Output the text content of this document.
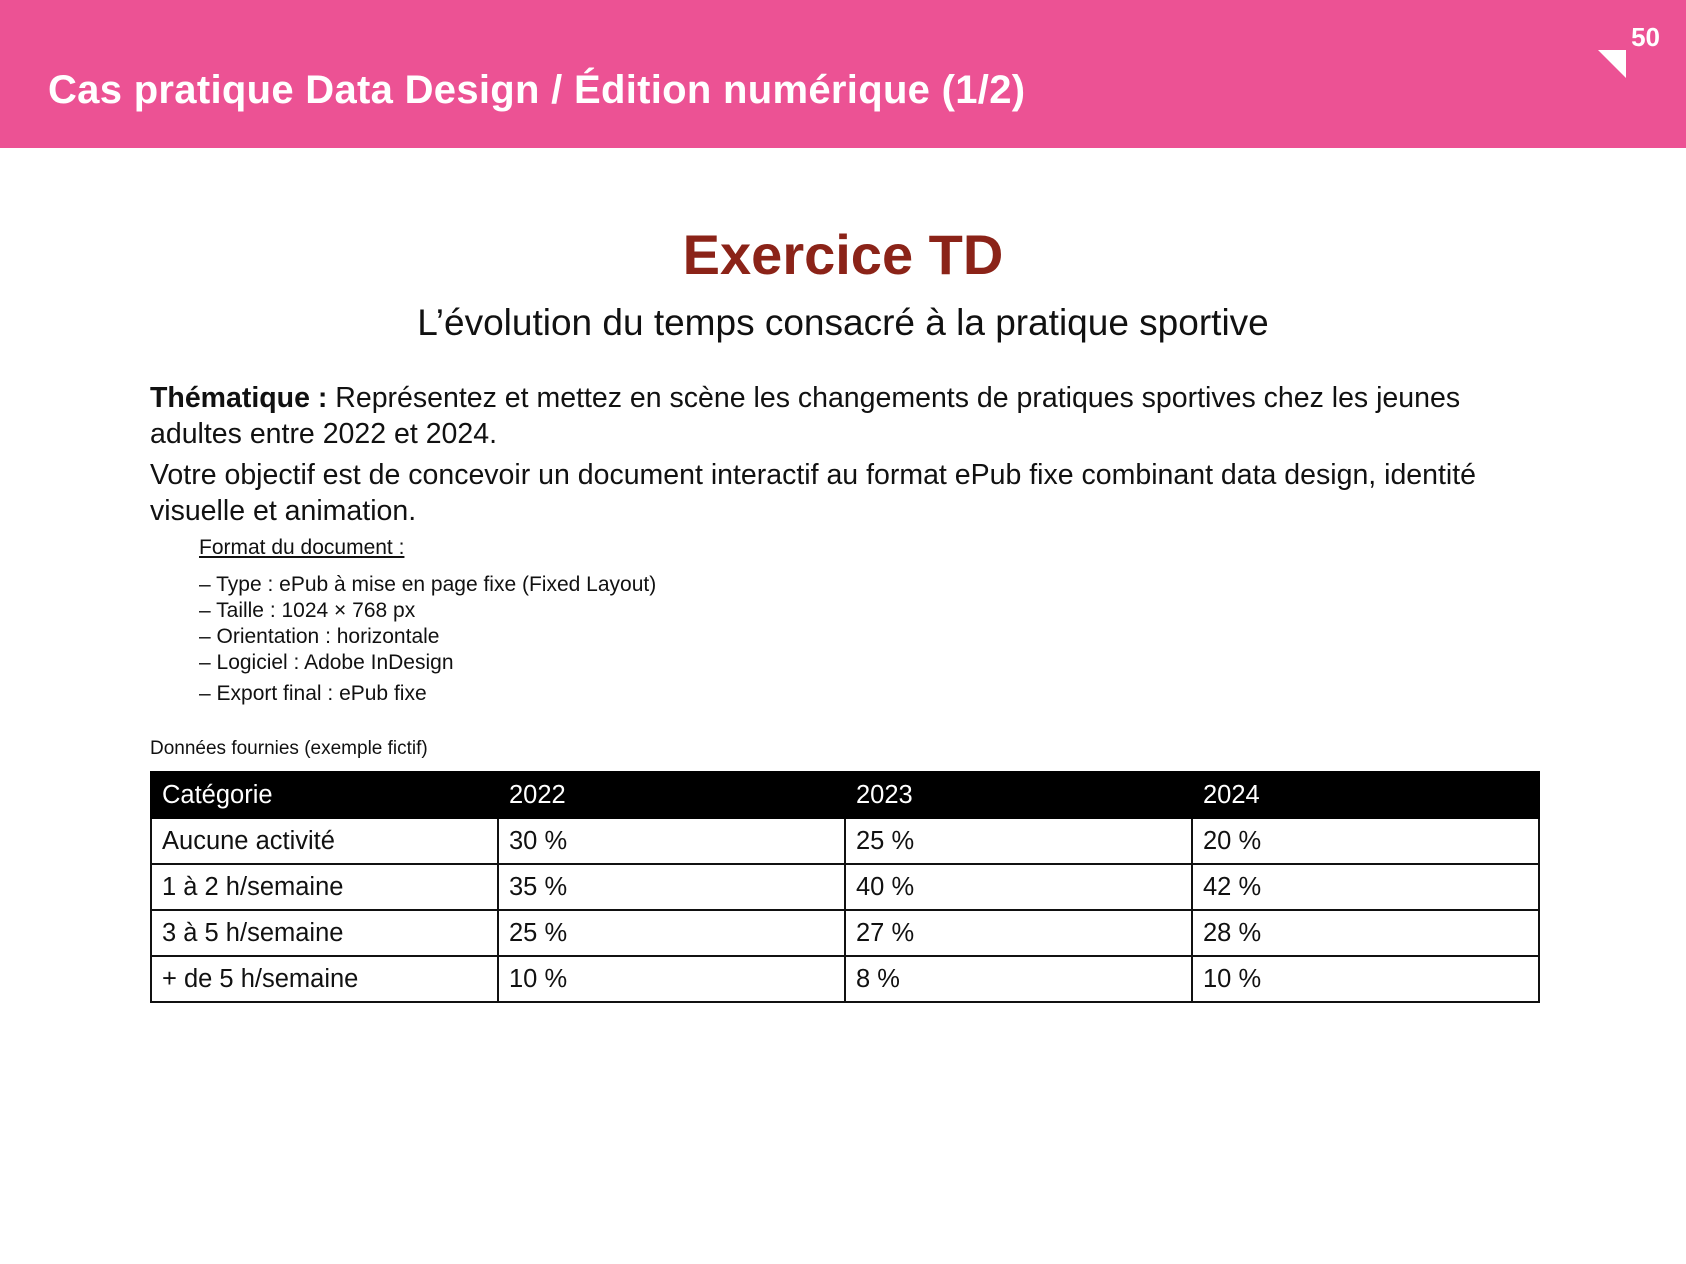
Cas pratique Data Design / Édition numérique (1/2)
50
Exercice TD
L’évolution du temps consacré à la pratique sportive
Thématique : Représentez et mettez en scène les changements de pratiques sportives chez les jeunes adultes entre 2022 et 2024.
Votre objectif est de concevoir un document interactif au format ePub fixe combinant data design, identité visuelle et animation.
Format du document :
– Type : ePub à mise en page fixe (Fixed Layout)
– Taille : 1024 × 768 px
– Orientation : horizontale
– Logiciel : Adobe InDesign
– Export final : ePub fixe
Données fournies (exemple fictif)
Catégorie	2022	2023	2024
Aucune activité	30 %	25 %	20 %
1 à 2 h/semaine	35 %	40 %	42 %
3 à 5 h/semaine	25 %	27 %	28 %
+ de 5 h/semaine	10 %	8 %	10 %
